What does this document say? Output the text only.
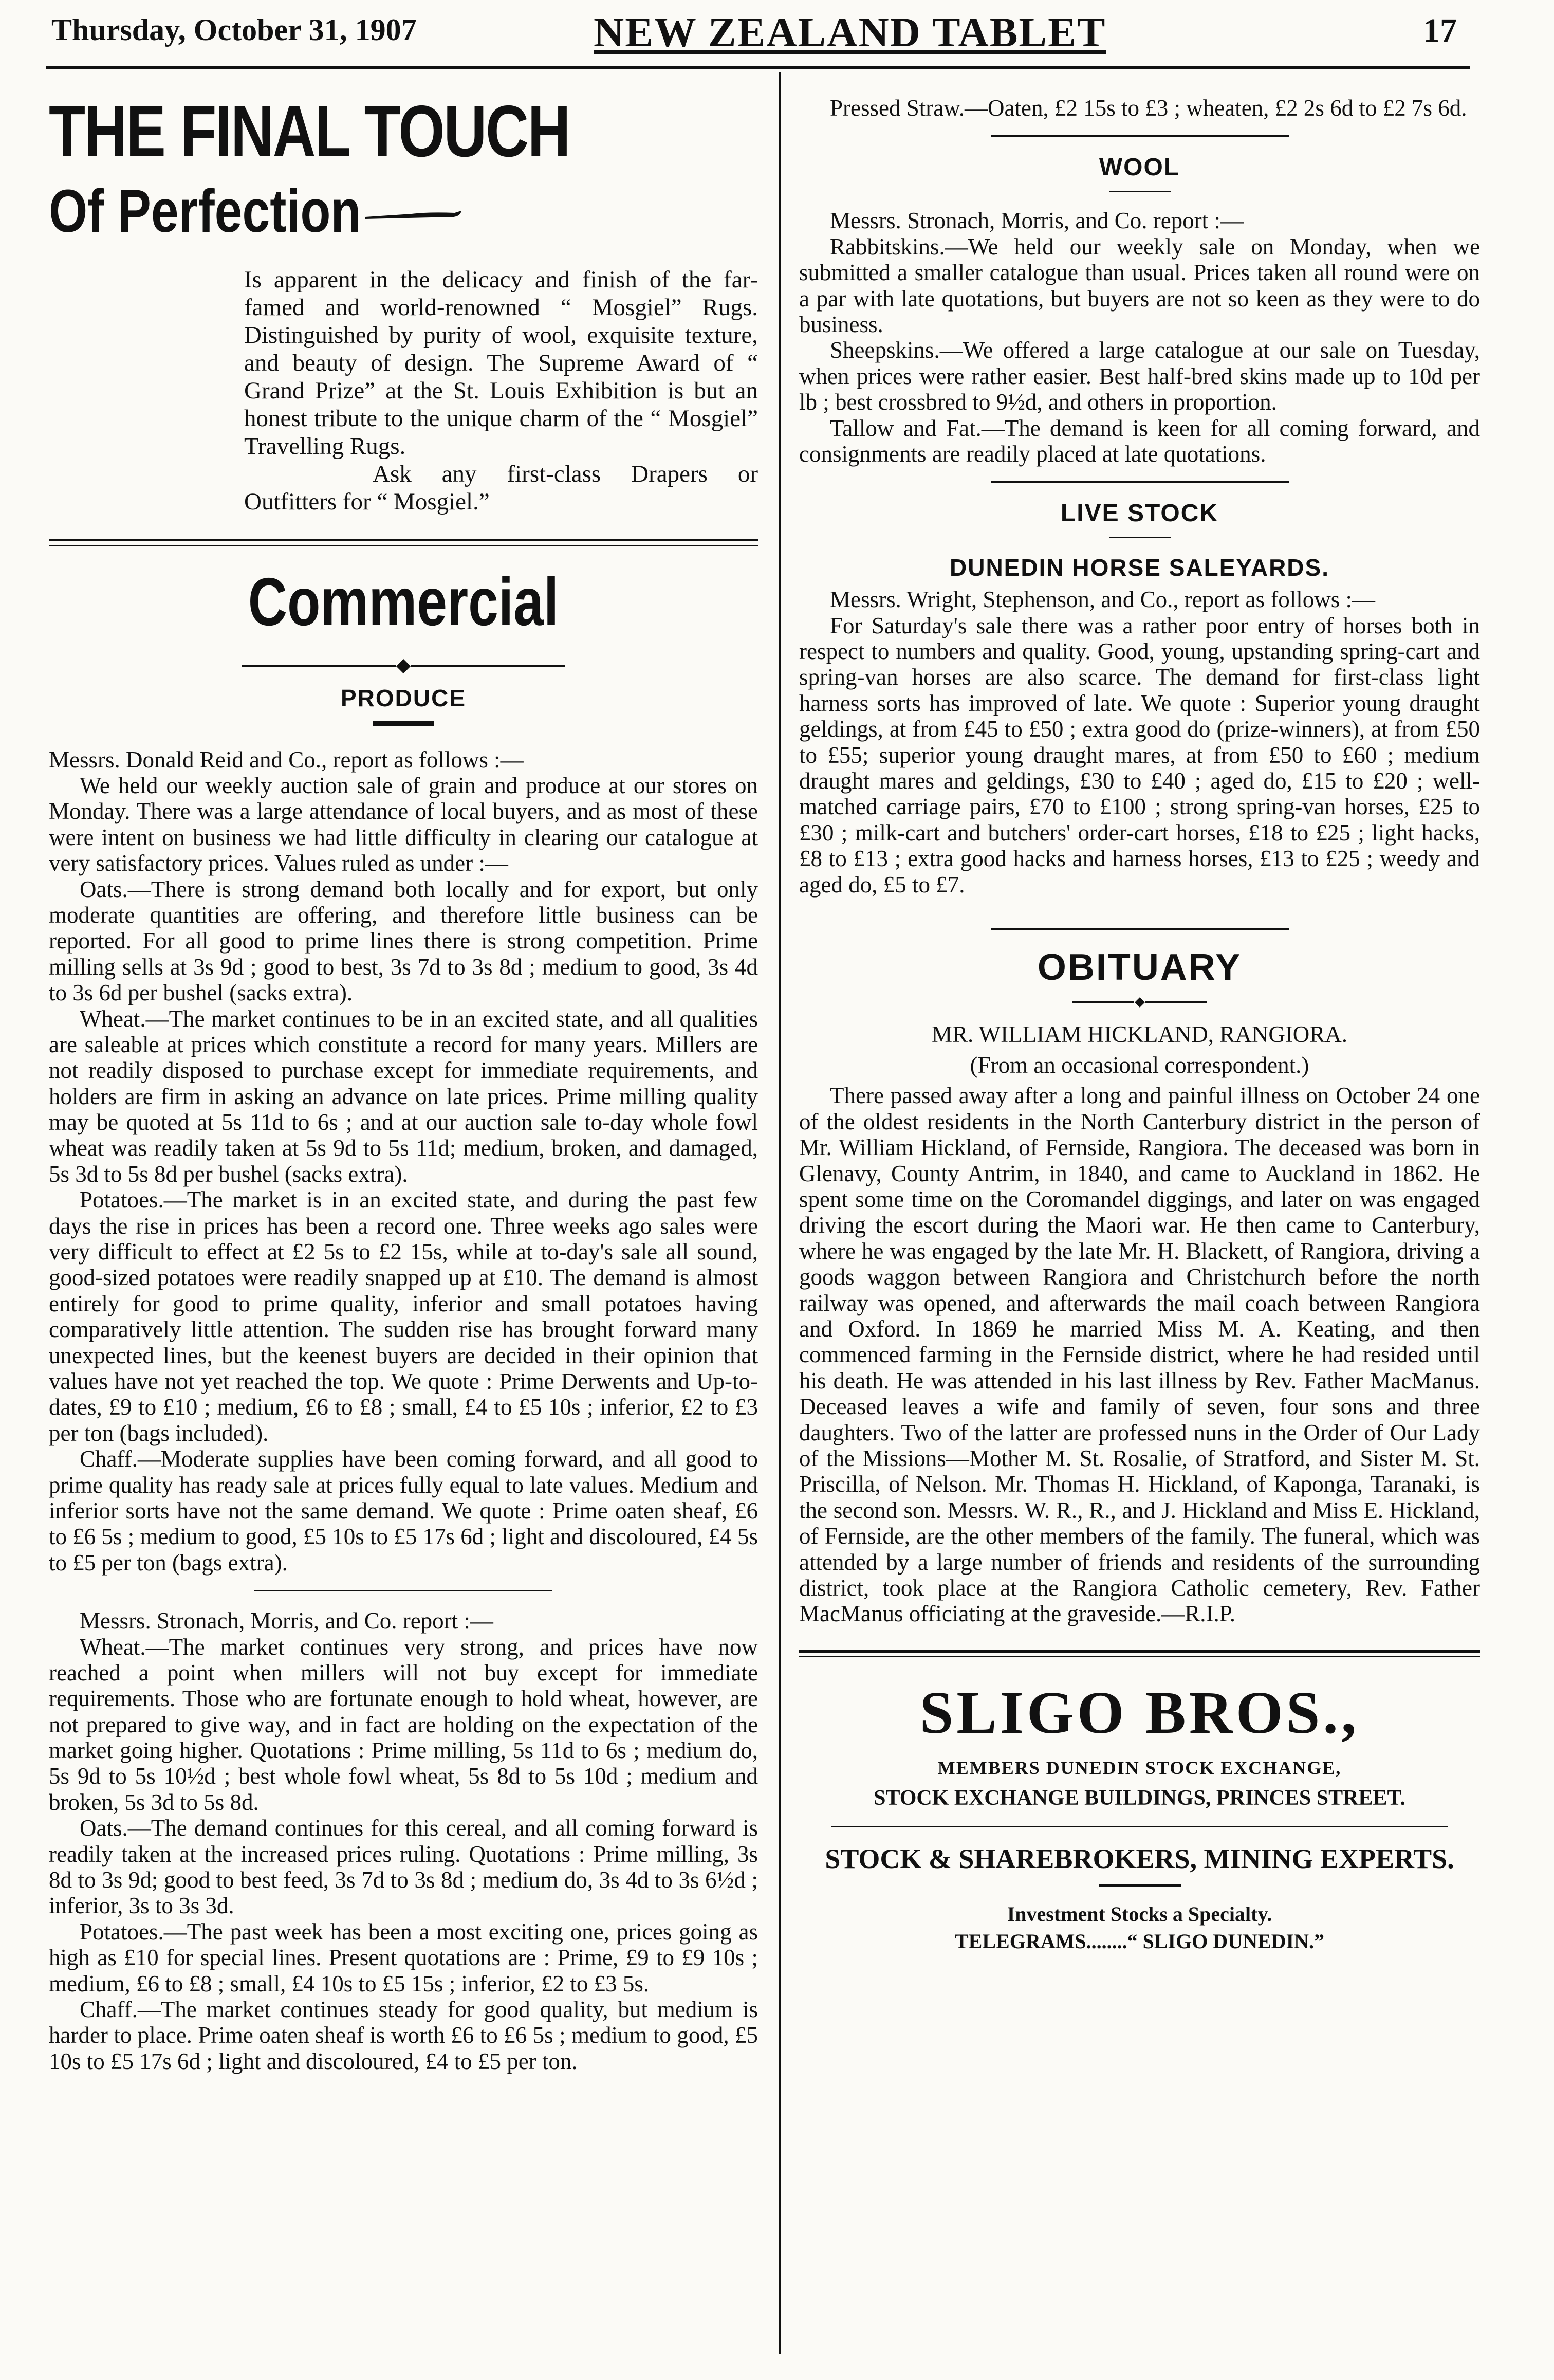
Thursday, October 31, 1907	NEW ZEALAND TABLET	17
THE FINAL TOUCH
Of Perfection

Is apparent in the delicacy and finish of the far-famed and world-renowned “ Mosgiel” Rugs. Distinguished by purity of wool, exquisite texture, and beauty of design. The Supreme Award of “ Grand Prize” at the St. Louis Exhibition is but an honest tribute to the unique charm of the “ Mosgiel” Travelling Rugs.

Ask any first-class Drapers or Outfitters for “ Mosgiel.”

Commercial
PRODUCE

Messrs. Donald Reid and Co., report as follows :—

We held our weekly auction sale of grain and produce at our stores on Monday. There was a large attendance of local buyers, and as most of these were intent on business we had little difficulty in clearing our catalogue at very satisfactory prices. Values ruled as under :—

Oats.—There is strong demand both locally and for export, but only moderate quantities are offering, and therefore little business can be reported. For all good to prime lines there is strong competition. Prime milling sells at 3s 9d ; good to best, 3s 7d to 3s 8d ; medium to good, 3s 4d to 3s 6d per bushel (sacks extra).

Wheat.—The market continues to be in an excited state, and all qualities are saleable at prices which constitute a record for many years. Millers are not readily disposed to purchase except for immediate requirements, and holders are firm in asking an advance on late prices. Prime milling quality may be quoted at 5s 11d to 6s ; and at our auction sale to-day whole fowl wheat was readily taken at 5s 9d to 5s 11d; medium, broken, and damaged, 5s 3d to 5s 8d per bushel (sacks extra).

Potatoes.—The market is in an excited state, and during the past few days the rise in prices has been a record one. Three weeks ago sales were very difficult to effect at £2 5s to £2 15s, while at to-day's sale all sound, good-sized potatoes were readily snapped up at £10. The demand is almost entirely for good to prime quality, inferior and small potatoes having comparatively little attention. The sudden rise has brought forward many unexpected lines, but the keenest buyers are decided in their opinion that values have not yet reached the top. We quote : Prime Derwents and Up-to-dates, £9 to £10 ; medium, £6 to £8 ; small, £4 to £5 10s ; inferior, £2 to £3 per ton (bags included).

Chaff.—Moderate supplies have been coming forward, and all good to prime quality has ready sale at prices fully equal to late values. Medium and inferior sorts have not the same demand. We quote : Prime oaten sheaf, £6 to £6 5s ; medium to good, £5 10s to £5 17s 6d ; light and discoloured, £4 5s to £5 per ton (bags extra).

Messrs. Stronach, Morris, and Co. report :—

Wheat.—The market continues very strong, and prices have now reached a point when millers will not buy except for immediate requirements. Those who are fortunate enough to hold wheat, however, are not prepared to give way, and in fact are holding on the expectation of the market going higher. Quotations : Prime milling, 5s 11d to 6s ; medium do, 5s 9d to 5s 10½d ; best whole fowl wheat, 5s 8d to 5s 10d ; medium and broken, 5s 3d to 5s 8d.

Oats.—The demand continues for this cereal, and all coming forward is readily taken at the increased prices ruling. Quotations : Prime milling, 3s 8d to 3s 9d; good to best feed, 3s 7d to 3s 8d ; medium do, 3s 4d to 3s 6½d ; inferior, 3s to 3s 3d.

Potatoes.—The past week has been a most exciting one, prices going as high as £10 for special lines. Present quotations are : Prime, £9 to £9 10s ; medium, £6 to £8 ; small, £4 10s to £5 15s ; inferior, £2 to £3 5s.

Chaff.—The market continues steady for good quality, but medium is harder to place. Prime oaten sheaf is worth £6 to £6 5s ; medium to good, £5 10s to £5 17s 6d ; light and discoloured, £4 to £5 per ton.

Pressed Straw.—Oaten, £2 15s to £3 ; wheaten, £2 2s 6d to £2 7s 6d.

WOOL

Messrs. Stronach, Morris, and Co. report :—

Rabbitskins.—We held our weekly sale on Monday, when we submitted a smaller catalogue than usual. Prices taken all round were on a par with late quotations, but buyers are not so keen as they were to do business.

Sheepskins.—We offered a large catalogue at our sale on Tuesday, when prices were rather easier. Best half-bred skins made up to 10d per lb ; best crossbred to 9½d, and others in proportion.

Tallow and Fat.—The demand is keen for all coming forward, and consignments are readily placed at late quotations.

LIVE STOCK
DUNEDIN HORSE SALEYARDS.

Messrs. Wright, Stephenson, and Co., report as follows :—

For Saturday's sale there was a rather poor entry of horses both in respect to numbers and quality. Good, young, upstanding spring-cart and spring-van horses are also scarce. The demand for first-class light harness sorts has improved of late. We quote : Superior young draught geldings, at from £45 to £50 ; extra good do (prize-winners), at from £50 to £55; superior young draught mares, at from £50 to £60 ; medium draught mares and geldings, £30 to £40 ; aged do, £15 to £20 ; well-matched carriage pairs, £70 to £100 ; strong spring-van horses, £25 to £30 ; milk-cart and butchers' order-cart horses, £18 to £25 ; light hacks, £8 to £13 ; extra good hacks and harness horses, £13 to £25 ; weedy and aged do, £5 to £7.

OBITUARY

MR. WILLIAM HICKLAND, RANGIORA.

(From an occasional correspondent.)

There passed away after a long and painful illness on October 24 one of the oldest residents in the North Canterbury district in the person of Mr. William Hickland, of Fernside, Rangiora. The deceased was born in Glenavy, County Antrim, in 1840, and came to Auckland in 1862. He spent some time on the Coromandel diggings, and later on was engaged driving the escort during the Maori war. He then came to Canterbury, where he was engaged by the late Mr. H. Blackett, of Rangiora, driving a goods waggon between Rangiora and Christchurch before the north railway was opened, and afterwards the mail coach between Rangiora and Oxford. In 1869 he married Miss M. A. Keating, and then commenced farming in the Fernside district, where he had resided until his death. He was attended in his last illness by Rev. Father MacManus. Deceased leaves a wife and family of seven, four sons and three daughters. Two of the latter are professed nuns in the Order of Our Lady of the Missions—Mother M. St. Rosalie, of Stratford, and Sister M. St. Priscilla, of Nelson. Mr. Thomas H. Hickland, of Kaponga, Taranaki, is the second son. Messrs. W. R., R., and J. Hickland and Miss E. Hickland, of Fernside, are the other members of the family. The funeral, which was attended by a large number of friends and residents of the surrounding district, took place at the Rangiora Catholic cemetery, Rev. Father MacManus officiating at the graveside.—R.I.P.

SLIGO BROS.,

MEMBERS DUNEDIN STOCK EXCHANGE,

STOCK EXCHANGE BUILDINGS, PRINCES STREET.

STOCK & SHAREBROKERS, MINING EXPERTS.

Investment Stocks a Specialty.

TELEGRAMS........“ SLIGO DUNEDIN.”
